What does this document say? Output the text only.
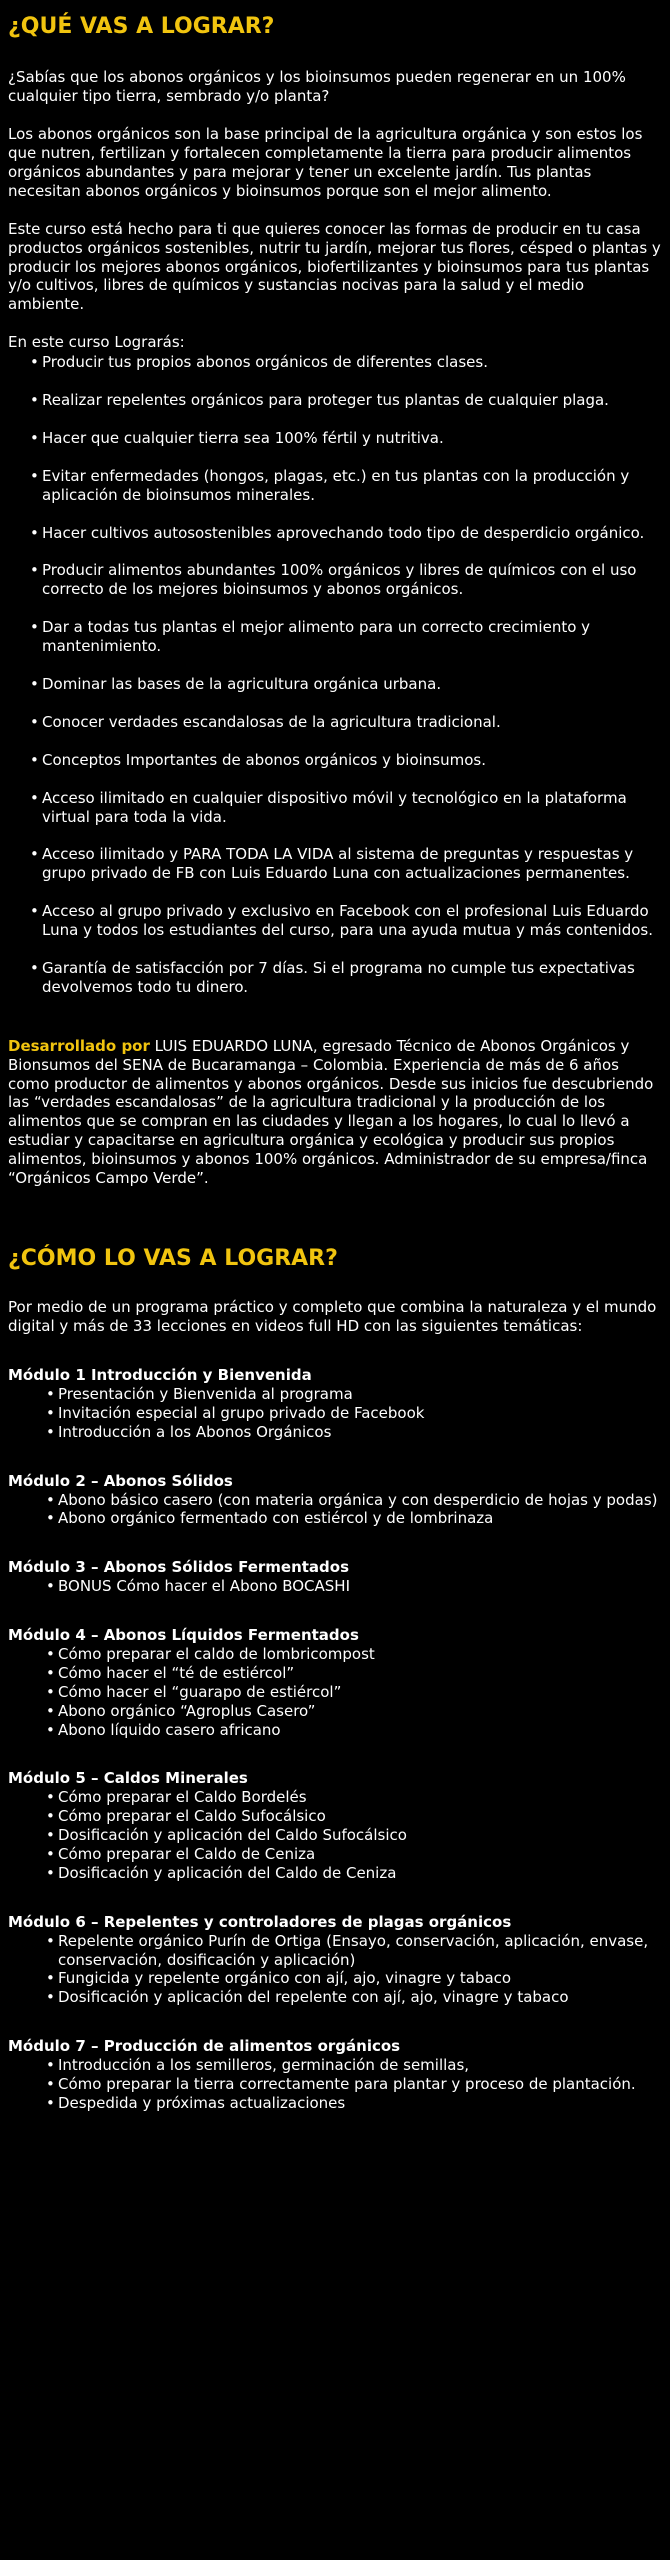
¿QUÉ VAS A LOGRAR?

¿Sabías que los abonos orgánicos y los bioinsumos pueden regenerar en un 100% cualquier tipo tierra, sembrado y/o planta?

Los abonos orgánicos son la base principal de la agricultura orgánica y son estos los que nutren, fertilizan y fortalecen completamente la tierra para producir alimentos orgánicos abundantes y para mejorar y tener un excelente jardín. Tus plantas necesitan abonos orgánicos y bioinsumos porque son el mejor alimento.

Este curso está hecho para ti que quieres conocer las formas de producir en tu casa productos orgánicos sostenibles, nutrir tu jardín, mejorar tus flores, césped o plantas y producir los mejores abonos orgánicos, biofertilizantes y bioinsumos para tus plantas y/o cultivos, libres de químicos y sustancias nocivas para la salud y el medio ambiente.

En este curso Lograrás:

• Producir tus propios abonos orgánicos de diferentes clases.
• Realizar repelentes orgánicos para proteger tus plantas de cualquier plaga.
• Hacer que cualquier tierra sea 100% fértil y nutritiva.
• Evitar enfermedades (hongos, plagas, etc.) en tus plantas con la producción y aplicación de bioinsumos minerales.
• Hacer cultivos autosostenibles aprovechando todo tipo de desperdicio orgánico.
• Producir alimentos abundantes 100% orgánicos y libres de químicos con el uso correcto de los mejores bioinsumos y abonos orgánicos.
• Dar a todas tus plantas el mejor alimento para un correcto crecimiento y mantenimiento.
• Dominar las bases de la agricultura orgánica urbana.
• Conocer verdades escandalosas de la agricultura tradicional.
• Conceptos Importantes de abonos orgánicos y bioinsumos.
• Acceso ilimitado en cualquier dispositivo móvil y tecnológico en la plataforma virtual para toda la vida.
• Acceso ilimitado y PARA TODA LA VIDA al sistema de preguntas y respuestas y grupo privado de FB con Luis Eduardo Luna con actualizaciones permanentes.
• Acceso al grupo privado y exclusivo en Facebook con el profesional Luis Eduardo Luna y todos los estudiantes del curso, para una ayuda mutua y más contenidos.
• Garantía de satisfacción por 7 días. Si el programa no cumple tus expectativas devolvemos todo tu dinero.

Desarrollado por LUIS EDUARDO LUNA, egresado Técnico de Abonos Orgánicos y Bionsumos del SENA de Bucaramanga – Colombia. Experiencia de más de 6 años como productor de alimentos y abonos orgánicos. Desde sus inicios fue descubriendo las “verdades escandalosas” de la agricultura tradicional y la producción de los alimentos que se compran en las ciudades y llegan a los hogares, lo cual lo llevó a estudiar y capacitarse en agricultura orgánica y ecológica y producir sus propios alimentos, bioinsumos y abonos 100% orgánicos. Administrador de su empresa/finca “Orgánicos Campo Verde”.

¿CÓMO LO VAS A LOGRAR?

Por medio de un programa práctico y completo que combina la naturaleza y el mundo digital y más de 33 lecciones en videos full HD con las siguientes temáticas:

Módulo 1 Introducción y Bienvenida
• Presentación y Bienvenida al programa
• Invitación especial al grupo privado de Facebook
• Introducción a los Abonos Orgánicos
Módulo 2 – Abonos Sólidos
• Abono básico casero (con materia orgánica y con desperdicio de hojas y podas)
• Abono orgánico fermentado con estiércol y de lombrinaza
Módulo 3 – Abonos Sólidos Fermentados
• BONUS Cómo hacer el Abono BOCASHI
Módulo 4 – Abonos Líquidos Fermentados
• Cómo preparar el caldo de lombricompost
• Cómo hacer el “té de estiércol”
• Cómo hacer el “guarapo de estiércol”
• Abono orgánico “Agroplus Casero”
• Abono líquido casero africano
Módulo 5 – Caldos Minerales
• Cómo preparar el Caldo Bordelés
• Cómo preparar el Caldo Sufocálsico
• Dosificación y aplicación del Caldo Sufocálsico
• Cómo preparar el Caldo de Ceniza
• Dosificación y aplicación del Caldo de Ceniza
Módulo 6 – Repelentes y controladores de plagas orgánicos
• Repelente orgánico Purín de Ortiga (Ensayo, conservación, aplicación, envase, conservación, dosificación y aplicación)
• Fungicida y repelente orgánico con ají, ajo, vinagre y tabaco
• Dosificación y aplicación del repelente con ají, ajo, vinagre y tabaco
Módulo 7 – Producción de alimentos orgánicos
• Introducción a los semilleros, germinación de semillas,
• Cómo preparar la tierra correctamente para plantar y proceso de plantación.
• Despedida y próximas actualizaciones
